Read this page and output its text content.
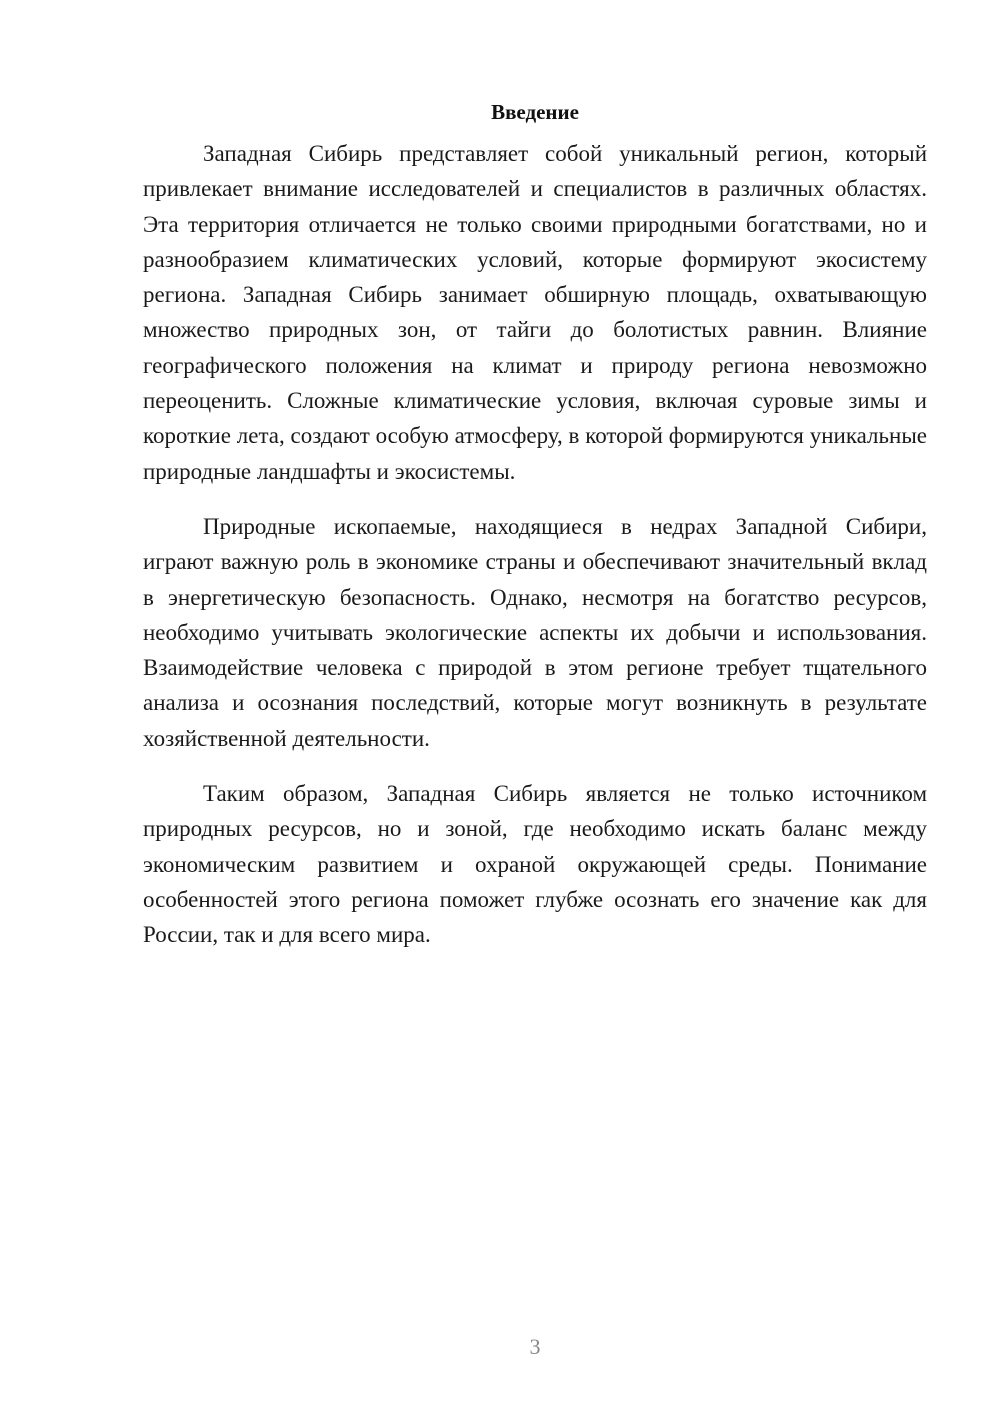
Введение

Западная Сибирь представляет собой уникальный регион, который привлекает внимание исследователей и специалистов в различных областях. Эта территория отличается не только своими природными богатствами, но и разнообразием климатических условий, которые формируют экосистему региона. Западная Сибирь занимает обширную площадь, охватывающую множество природных зон, от тайги до болотистых равнин. Влияние географического положения на климат и природу региона невозможно переоценить. Сложные климатические условия, включая суровые зимы и короткие лета, создают особую атмосферу, в которой формируются уникальные природные ландшафты и экосистемы.

Природные ископаемые, находящиеся в недрах Западной Сибири, играют важную роль в экономике страны и обеспечивают значительный вклад в энергетическую безопасность. Однако, несмотря на богатство ресурсов, необходимо учитывать экологические аспекты их добычи и использования. Взаимодействие человека с природой в этом регионе требует тщательного анализа и осознания последствий, которые могут возникнуть в результате хозяйственной деятельности.

Таким образом, Западная Сибирь является не только источником природных ресурсов, но и зоной, где необходимо искать баланс между экономическим развитием и охраной окружающей среды. Понимание особенностей этого региона поможет глубже осознать его значение как для России, так и для всего мира.

3
